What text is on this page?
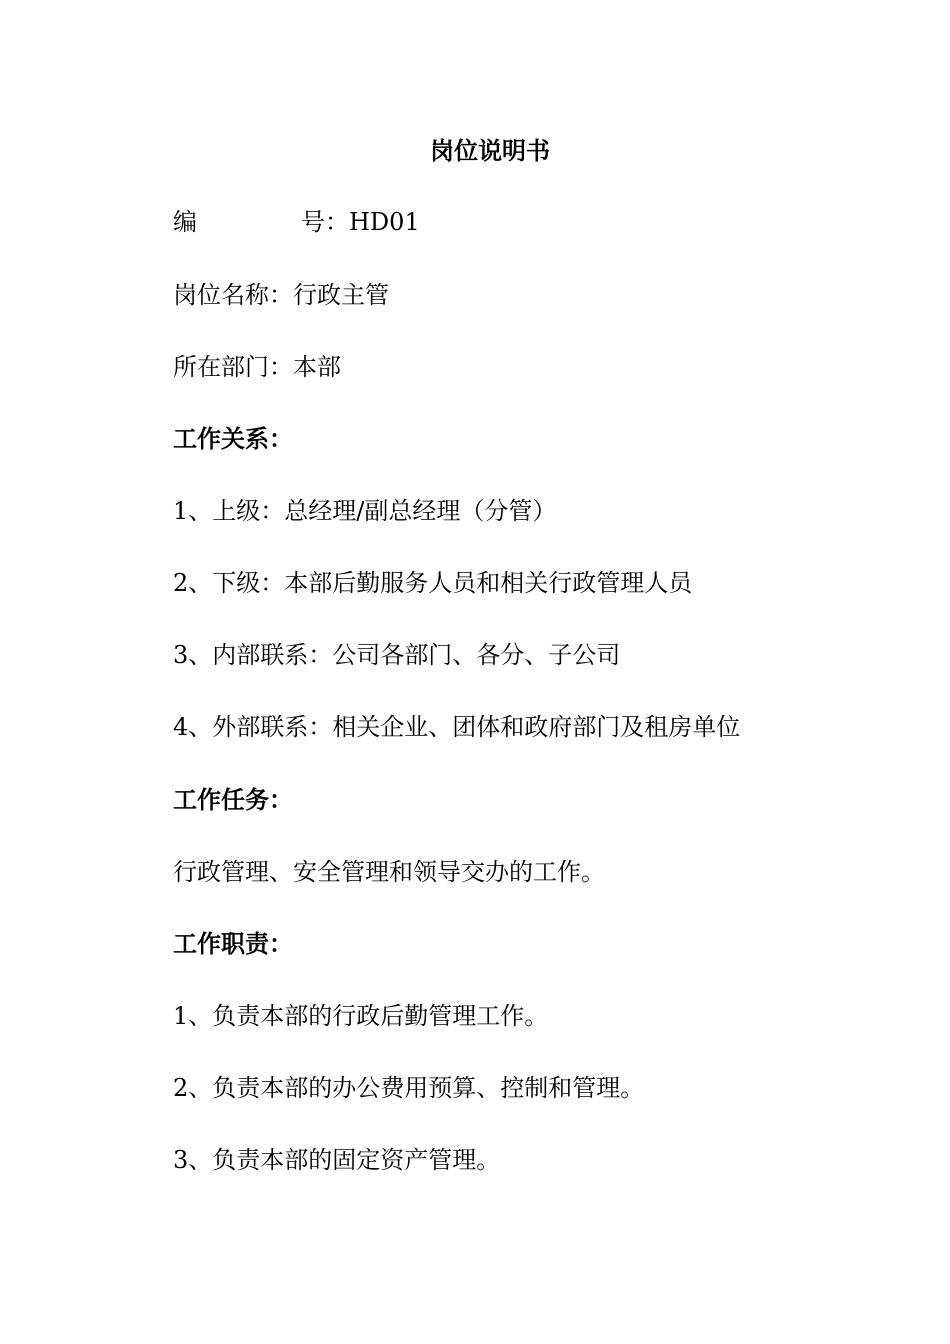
岗位说明书
编	号：HD01
岗位名称：行政主管
所在部门：本部
工作关系：
1、上级：总经理/副总经理（分管）
2、下级：本部后勤服务人员和相关行政管理人员
3、内部联系：公司各部门、各分、子公司
4、外部联系：相关企业、团体和政府部门及租房单位
工作任务：
行政管理、安全管理和领导交办的工作。
工作职责：
1、负责本部的行政后勤管理工作。
2、负责本部的办公费用预算、控制和管理。
3、负责本部的固定资产管理。
